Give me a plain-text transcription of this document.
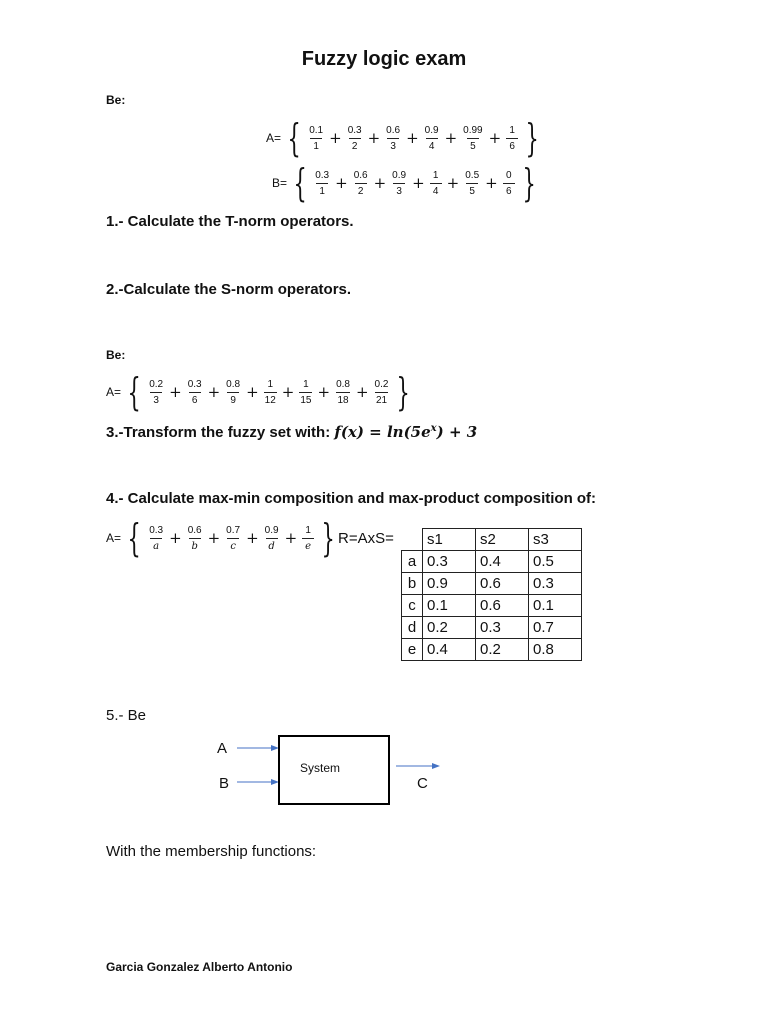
Fuzzy logic exam
Be:
A= { $\frac{0.1}{1} + \frac{0.3}{2} + \frac{0.6}{3} + \frac{0.9}{4} + \frac{0.99}{5} + \frac{1}{6}$ }
B= { $\frac{0.3}{1} + \frac{0.6}{2} + \frac{0.9}{3} + \frac{1}{4} + \frac{0.5}{5} + \frac{0}{6}$ }
1.- Calculate the T-norm operators.
2.-Calculate the S-norm operators.
Be:
A= { $\frac{0.2}{3} + \frac{0.3}{6} + \frac{0.8}{9} + \frac{1}{12} + \frac{1}{15} + \frac{0.8}{18} + \frac{0.2}{21}$ }
3.-Transform the fuzzy set with: $f(x) = \ln(5e^x) + 3$
4.- Calculate max-min composition and max-product composition of:
A= { $\frac{0.3}{a} + \frac{0.6}{b} + \frac{0.7}{c} + \frac{0.9}{d} + \frac{1}{e}$ } R=AxS=
	s1	s2	s3
a	0.3	0.4	0.5
b	0.9	0.6	0.3
c	0.1	0.6	0.1
d	0.2	0.3	0.7
e	0.4	0.2	0.8
5.- Be
A
B
System
C
With the membership functions:
Garcia Gonzalez Alberto Antonio
